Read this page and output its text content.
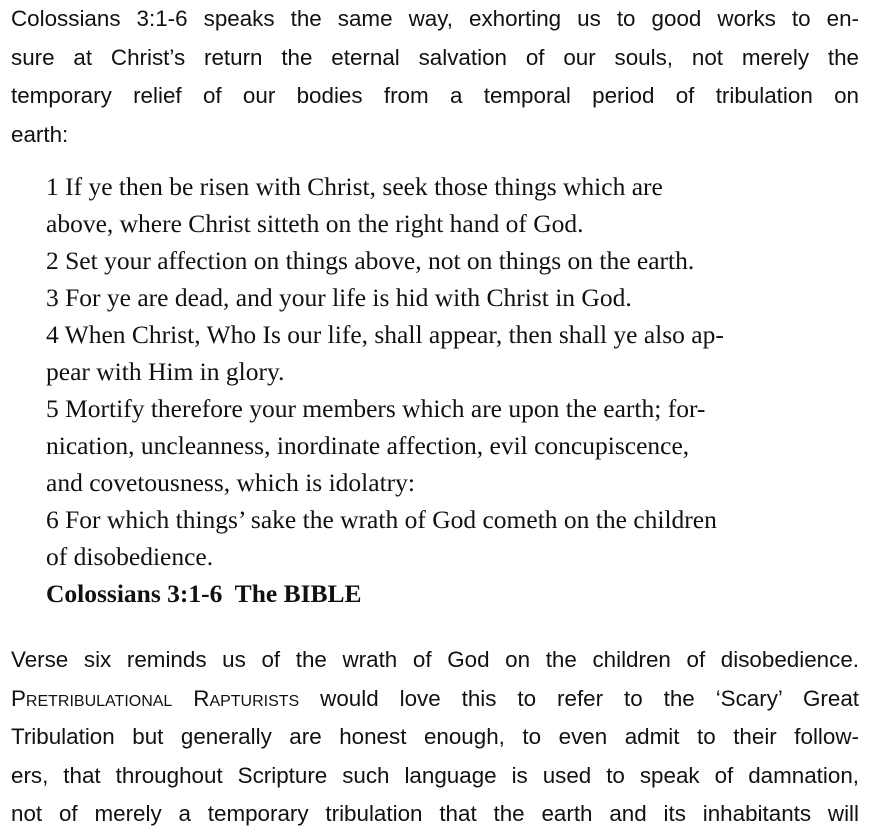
Colossians 3:1-6 speaks the same way, exhorting us to good works to en-
sure at Christ’s return the eternal salvation of our souls, not merely the
temporary relief of our bodies from a temporal period of tribulation on
earth:
1 If ye then be risen with Christ, seek those things which are
above, where Christ sitteth on the right hand of God.
2 Set your affection on things above, not on things on the earth.
3 For ye are dead, and your life is hid with Christ in God.
4 When Christ, Who Is our life, shall appear, then shall ye also ap-
pear with Him in glory.
5 Mortify therefore your members which are upon the earth; for-
nication, uncleanness, inordinate affection, evil concupiscence,
and covetousness, which is idolatry:
6 For which things’ sake the wrath of God cometh on the children
of disobedience.
Colossians 3:1-6  The BIBLE
Verse six reminds us of the wrath of God on the children of disobedience.
Pretribulational Rapturists would love this to refer to the ‘Scary’ Great
Tribulation but generally are honest enough, to even admit to their follow-
ers, that throughout Scripture such language is used to speak of damnation,
not of merely a temporary tribulation that the earth and its inhabitants will
